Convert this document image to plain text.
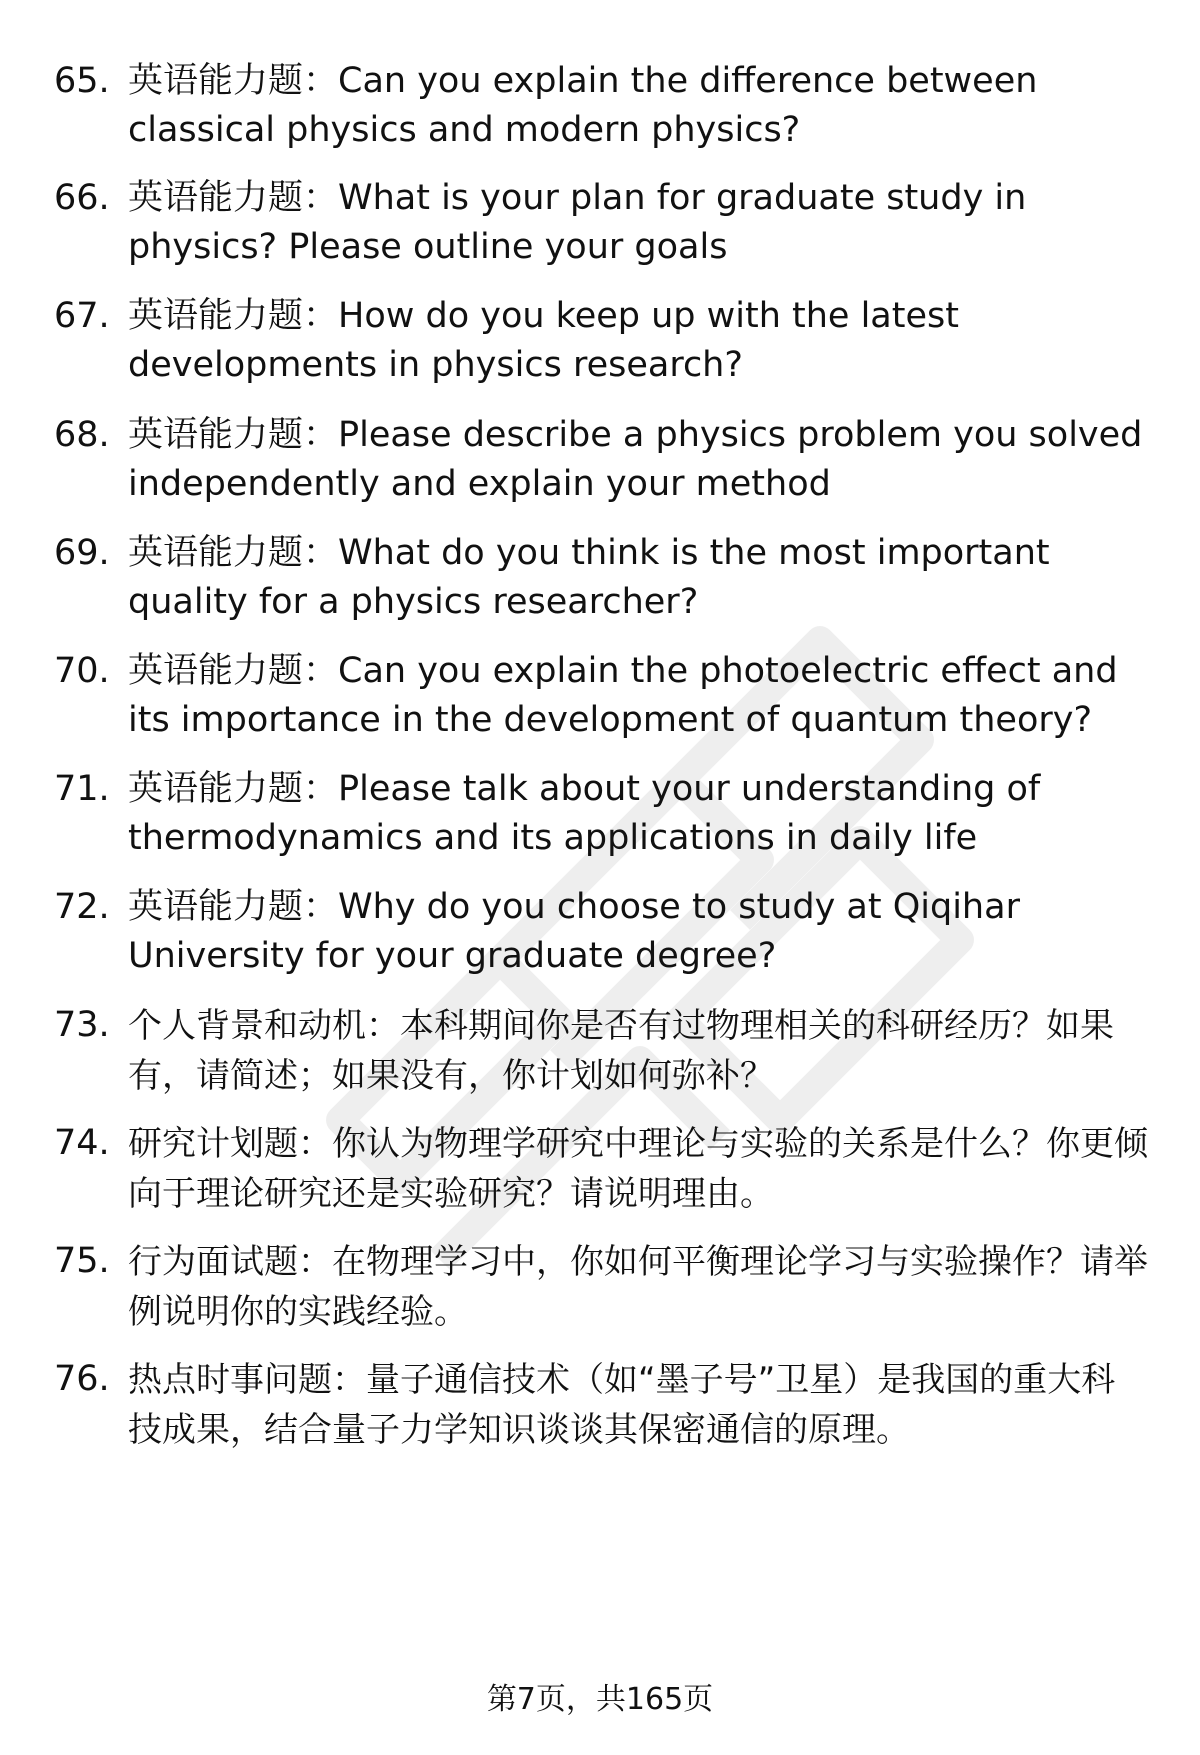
65. 英语能力题：Can you explain the difference between classical physics and modern physics?
66. 英语能力题：What is your plan for graduate study in physics? Please outline your goals
67. 英语能力题：How do you keep up with the latest developments in physics research?
68. 英语能力题：Please describe a physics problem you solved independently and explain your method
69. 英语能力题：What do you think is the most important quality for a physics researcher?
70. 英语能力题：Can you explain the photoelectric effect and its importance in the development of quantum theory?
71. 英语能力题：Please talk about your understanding of thermodynamics and its applications in daily life
72. 英语能力题：Why do you choose to study at Qiqihar University for your graduate degree?
73. 个人背景和动机：本科期间你是否有过物理相关的科研经历？如果有，请简述；如果没有，你计划如何弥补？
74. 研究计划题：你认为物理学研究中理论与实验的关系是什么？你更倾向于理论研究还是实验研究？请说明理由。
75. 行为面试题：在物理学习中，你如何平衡理论学习与实验操作？请举例说明你的实践经验。
76. 热点时事问题：量子通信技术（如“墨子号”卫星）是我国的重大科技成果，结合量子力学知识谈谈其保密通信的原理。
第7页，共165页
